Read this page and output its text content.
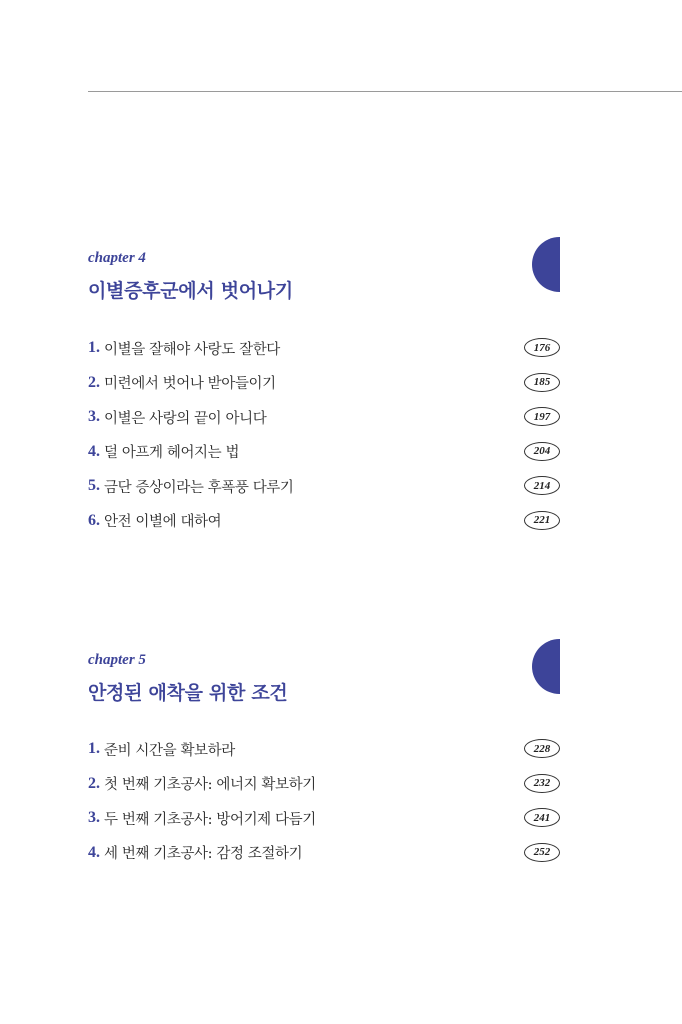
chapter 4
이별증후군에서 벗어나기
1. 이별을 잘해야 사랑도 잘한다	176
2. 미련에서 벗어나 받아들이기	185
3. 이별은 사랑의 끝이 아니다	197
4. 덜 아프게 헤어지는 법	204
5. 금단 증상이라는 후폭풍 다루기	214
6. 안전 이별에 대하여	221
chapter 5
안정된 애착을 위한 조건
1. 준비 시간을 확보하라	228
2. 첫 번째 기초공사: 에너지 확보하기	232
3. 두 번째 기초공사: 방어기제 다듬기	241
4. 세 번째 기초공사: 감정 조절하기	252
